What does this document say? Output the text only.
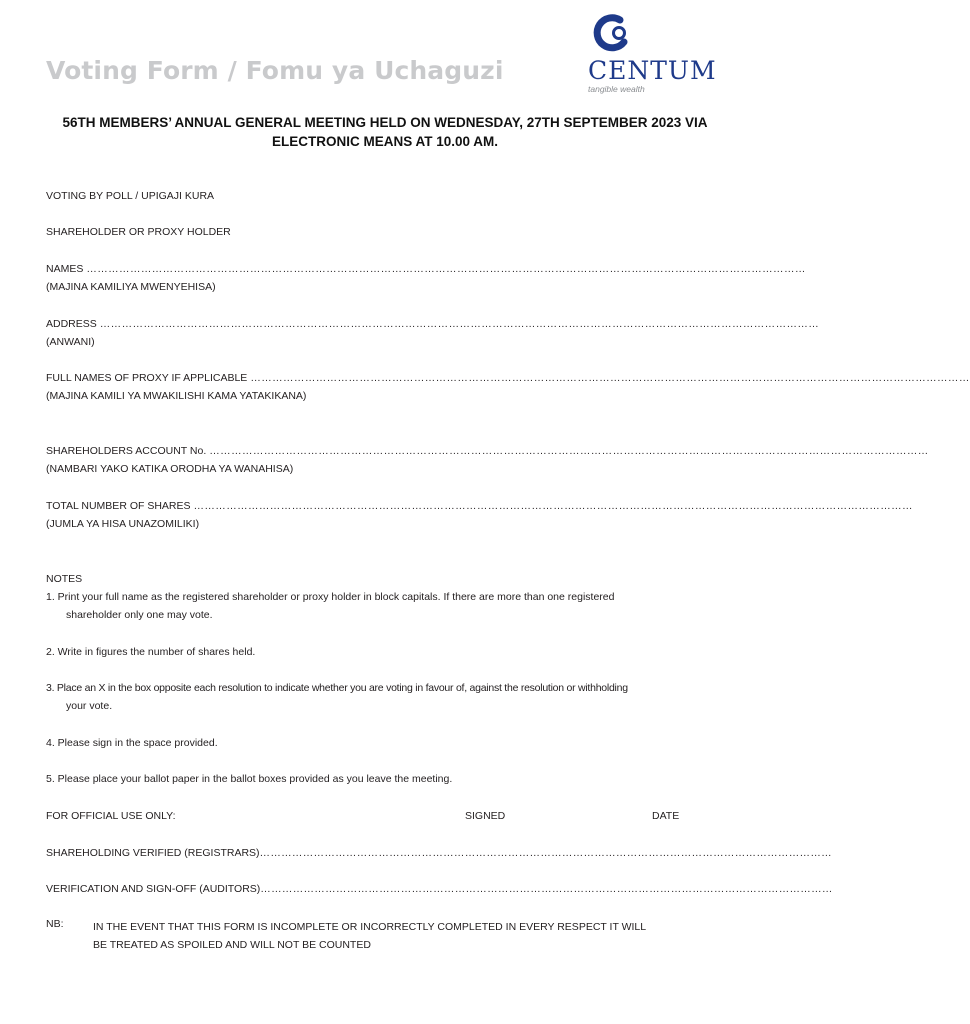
Voting Form / Fomu ya Uchaguzi	CENTUM
tangible wealth
56TH MEMBERS’ ANNUAL GENERAL MEETING HELD ON WEDNESDAY, 27TH SEPTEMBER 2023 VIA ELECTRONIC MEANS AT 10.00 AM.
VOTING BY POLL / UPIGAJI KURA
SHAREHOLDER OR PROXY HOLDER
NAMES ………………………………………………………………………………………………………………………………………………………………………………
(MAJINA KAMILIYA MWENYEHISA)
ADDRESS ………………………………………………………………………………………………………………………………………………………………………………
(ANWANI)
FULL NAMES OF PROXY IF APPLICABLE ………………………………………………………………………………………………………………………………………………………………………………
(MAJINA KAMILI YA MWAKILISHI KAMA YATAKIKANA)
SHAREHOLDERS ACCOUNT No. ………………………………………………………………………………………………………………………………………………………………………………
(NAMBARI YAKO KATIKA ORODHA YA WANAHISA)
TOTAL NUMBER OF SHARES ………………………………………………………………………………………………………………………………………………………………………………
(JUMLA YA HISA UNAZOMILIKI)
NOTES
1. Print your full name as the registered shareholder or proxy holder in block capitals. If there are more than one registered
shareholder only one may vote.
2. Write in figures the number of shares held.
3. Place an X in the box opposite each resolution to indicate whether you are voting in favour of, against the resolution or withholding
your vote.
4. Please sign in the space provided.
5. Please place your ballot paper in the ballot boxes provided as you leave the meeting.
FOR OFFICIAL USE ONLY:	SIGNED	DATE
SHAREHOLDING VERIFIED (REGISTRARS) ……………………………………………………………………………………………………………………………………………
VERIFICATION AND SIGN-OFF (AUDITORS) ……………………………………………………………………………………………………………………………………………
NB:	IN THE EVENT THAT THIS FORM IS INCOMPLETE OR INCORRECTLY COMPLETED IN EVERY RESPECT IT WILL
BE TREATED AS SPOILED AND WILL NOT BE COUNTED
